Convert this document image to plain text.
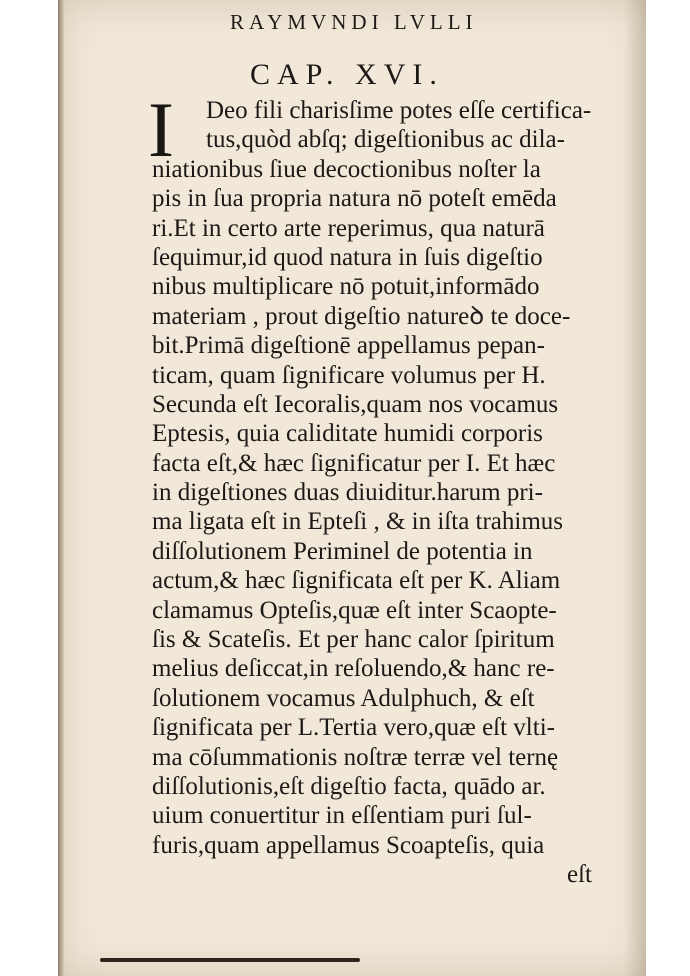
RAYMVNDI LVLLI
CAP. XVI.
I	Deo fili charisſime potes eſſe certifica-
tus,quòd abſq; digeſtionibus ac dila-
niationibus ſiue decoctionibus noſter la
pis in ſua propria natura nō poteſt emēda
ri.Et in certo arte reperimus, qua naturā
ſequimur,id quod natura in ſuis digeſtio
nibus multiplicare nō potuit,informādo
materiam , prout digeſtio natureꝺ te doce-
bit.Primā digeſtionē appellamus pepan-
ticam, quam ſignificare volumus per H.
Secunda eſt Iecoralis,quam nos vocamus
Eptesis, quia caliditate humidi corporis
facta eſt,& hæc ſignificatur per I. Et hæc
in digeſtiones duas diuiditur.harum pri-
ma ligata eſt in Epteſi , & in iſta trahimus
diſſolutionem Periminel de potentia in
actum,& hæc ſignificata eſt per K. Aliam
clamamus Opteſis,quæ eſt inter Scaopte-
ſis & Scateſis. Et per hanc calor ſpiritum
melius deſiccat,in reſoluendo,& hanc re-
ſolutionem vocamus Adulphuch, & eſt
ſignificata per L.Tertia vero,quæ eſt vlti-
ma cōſummationis noſtræ terræ vel ternę
diſſolutionis,eſt digeſtio facta, quādo ar.
uium conuertitur in eſſentiam puri ſul-
furis,quam appellamus Scoapteſis, quia
eſt
